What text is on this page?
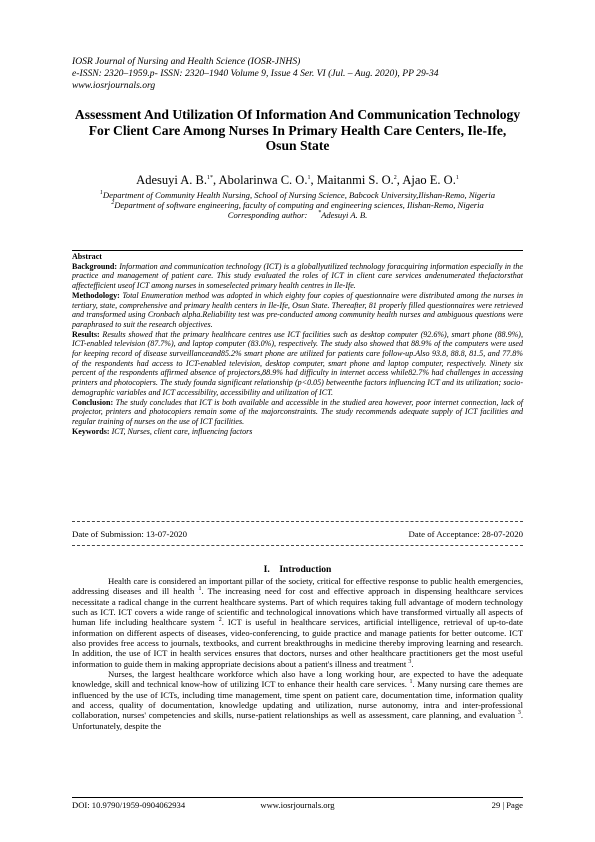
IOSR Journal of Nursing and Health Science (IOSR-JNHS)
e-ISSN: 2320–1959.p- ISSN: 2320–1940 Volume 9, Issue 4 Ser. VI (Jul. – Aug. 2020), PP 29-34
www.iosrjournals.org
Assessment And Utilization Of Information And Communication Technology For Client Care Among Nurses In Primary Health Care Centers, Ile-Ife, Osun State
Adesuyi A. B.$^{1*}$, Abolarinwa C. O.$^1$, Maitanmi S. O.$^2$, Ajao E. O.$^1$
$^1$Department of Community Health Nursing, School of Nursing Science, Babcock University,Ilishan-Remo, Nigeria
$^2$Department of software engineering, faculty of computing and engineering sciences, Ilishan-Remo, Nigeria
Corresponding author: *Adesuyi A. B.

Abstract

Background: Information and communication technology (ICT) is a globallyutilized technology foracquiring information especially in the practice and management of patient care. This study evaluated the roles of ICT in client care services andenumerated thefactorsthat affectefficient useof ICT among nurses in someselected primary health centres in Ile-Ife.

Methodology: Total Enumeration method was adopted in which eighty four copies of questionnaire were distributed among the nurses in tertiary, state, comprehensive and primary health centers in Ile-Ife, Osun State. Thereafter, 81 properly filled questionnaires were retrieved and transformed using Cronbach alpha.Reliability test was pre-conducted among community health nurses and ambiguous questions were paraphrased to suit the research objectives.

Results: Results showed that the primary healthcare centres use ICT facilities such as desktop computer (92.6%), smart phone (88.9%), ICT-enabled television (87.7%), and laptop computer (83.0%), respectively. The study also showed that 88.9% of the computers were used for keeping record of disease surveillanceand85.2% smart phone are utilized for patients care follow-up.Also 93.8, 88.8, 81.5, and 77.8% of the respondents had access to ICT-enabled television, desktop computer, smart phone and laptop computer, respectively. Ninety six percent of the respondents affirmed absence of projectors,88.9% had difficulty in internet access while82.7% had challenges in accessing printers and photocopiers. The study founda significant relationship (p<0.05) betweenthe factors influencing ICT and its utilization; socio-demographic variables and ICT accessibility, accessibility and utilization of ICT.

Conclusion: The study concludes that ICT is both available and accessible in the studied area however, poor internet connection, lack of projector, printers and photocopiers remain some of the majorconstraints. The study recommends adequate supply of ICT facilities and regular training of nurses on the use of ICT facilities.

Keywords: ICT, Nurses, client care, influencing factors

Date of Submission: 13-07-2020	Date of Acceptance: 28-07-2020
I. Introduction

Health care is considered an important pillar of the society, critical for effective response to public health emergencies, addressing diseases and ill health $^1$. The increasing need for cost and effective approach in dispensing healthcare services necessitate a radical change in the current healthcare systems. Part of which requires taking full advantage of modern technology such as ICT. ICT covers a wide range of scientific and technological innovations which have transformed virtually all aspects of human life including healthcare system $^2$. ICT is useful in healthcare services, artificial intelligence, retrieval of up-to-date information on different aspects of diseases, video-conferencing, to guide practice and manage patients for better outcome. ICT also provides free access to journals, textbooks, and current breakthroughs in medicine thereby improving learning and research. In addition, the use of ICT in health services ensures that doctors, nurses and other healthcare practitioners get the most useful information to guide them in making appropriate decisions about a patient's illness and treatment $^3$.

Nurses, the largest healthcare workforce which also have a long working hour, are expected to have the adequate knowledge, skill and technical know-how of utilizing ICT to enhance their health care services. $^1$. Many nursing care themes are influenced by the use of ICTs, including time management, time spent on patient care, documentation time, information quality and access, quality of documentation, knowledge updating and utilization, nurse autonomy, intra and inter-professional collaboration, nurses' competencies and skills, nurse-patient relationships as well as assessment, care planning, and evaluation $^3$. Unfortunately, despite the

DOI: 10.9790/1959-0904062934	www.iosrjournals.org	29 | Page
